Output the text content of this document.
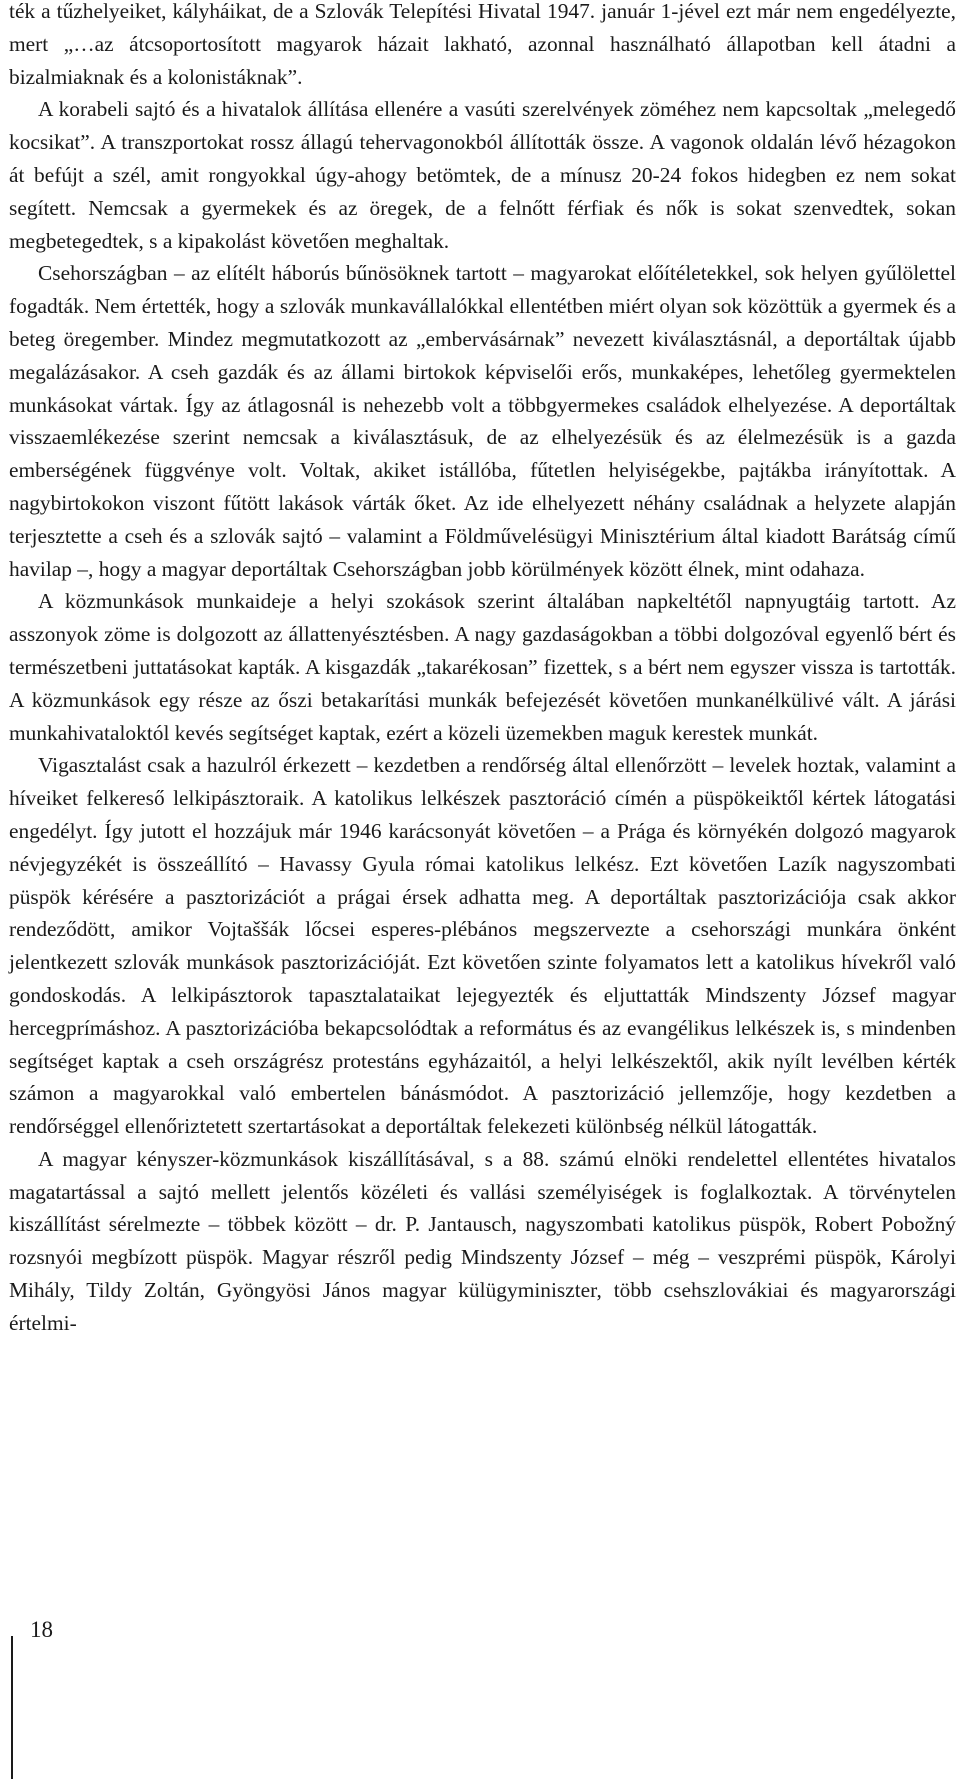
ték a tűzhelyeiket, kályháikat, de a Szlovák Telepítési Hivatal 1947. január 1-jével ezt már nem engedélyezte, mert „…az átcsoportosított magyarok házait lakható, azonnal használható állapotban kell átadni a bizalmiaknak és a kolonistáknak”.

A korabeli sajtó és a hivatalok állítása ellenére a vasúti szerelvények zöméhez nem kapcsoltak „melegedő kocsikat”. A transzportokat rossz állagú tehervagonokból állították össze. A vagonok oldalán lévő hézagokon át befújt a szél, amit rongyokkal úgy-ahogy betömtek, de a mínusz 20-24 fokos hidegben ez nem sokat segített. Nemcsak a gyermekek és az öregek, de a felnőtt férfiak és nők is sokat szenvedtek, sokan megbetegedtek, s a kipakolást követően meghaltak.

Csehországban – az elítélt háborús bűnösöknek tartott – magyarokat előítéletekkel, sok helyen gyűlölettel fogadták. Nem értették, hogy a szlovák munkavállalókkal ellentétben miért olyan sok közöttük a gyermek és a beteg öregember. Mindez megmutatkozott az „embervásárnak” nevezett kiválasztásnál, a deportáltak újabb megalázásakor. A cseh gazdák és az állami birtokok képviselői erős, munkaképes, lehetőleg gyermektelen munkásokat vártak. Így az átlagosnál is nehezebb volt a többgyermekes családok elhelyezése. A deportáltak visszaemlékezése szerint nemcsak a kiválasztásuk, de az elhelyezésük és az élelmezésük is a gazda emberségének függvénye volt. Voltak, akiket istállóba, fűtetlen helyiségekbe, pajtákba irányítottak. A nagybirtokokon viszont fűtött lakások várták őket. Az ide elhelyezett néhány családnak a helyzete alapján terjesztette a cseh és a szlovák sajtó – valamint a Földművelésügyi Minisztérium által kiadott Barátság című havilap –, hogy a magyar deportáltak Csehországban jobb körülmények között élnek, mint odahaza.

A közmunkások munkaideje a helyi szokások szerint általában napkeltétől napnyugtáig tartott. Az asszonyok zöme is dolgozott az állattenyésztésben. A nagy gazdaságokban a többi dolgozóval egyenlő bért és természetbeni juttatásokat kapták. A kisgazdák „takarékosan” fizettek, s a bért nem egyszer vissza is tartották. A közmunkások egy része az őszi betakarítási munkák befejezését követően munkanélkülivé vált. A járási munkahivataloktól kevés segítséget kaptak, ezért a közeli üzemekben maguk kerestek munkát.

Vigasztalást csak a hazulról érkezett – kezdetben a rendőrség által ellenőrzött – levelek hoztak, valamint a híveiket felkereső lelkipásztoraik. A katolikus lelkészek pasztoráció címén a püspökeiktől kértek látogatási engedélyt. Így jutott el hozzájuk már 1946 karácsonyát követően – a Prága és környékén dolgozó magyarok névjegyzékét is összeállító – Havassy Gyula római katolikus lelkész. Ezt követően Lazík nagyszombati püspök kérésére a pasztorizációt a prágai érsek adhatta meg. A deportáltak pasztorizációja csak akkor rendeződött, amikor Vojtaššák lőcsei esperes-plébános megszervezte a csehországi munkára önként jelentkezett szlovák munkások pasztorizációját. Ezt követően szinte folyamatos lett a katolikus hívekről való gondoskodás. A lelkipásztorok tapasztalataikat lejegyezték és eljuttatták Mindszenty József magyar hercegprímáshoz. A pasztorizációba bekapcsolódtak a református és az evangélikus lelkészek is, s mindenben segítséget kaptak a cseh országrész protestáns egyházaitól, a helyi lelkészektől, akik nyílt levélben kérték számon a magyarokkal való embertelen bánásmódot. A pasztorizáció jellemzője, hogy kezdetben a rendőrséggel ellenőriztetett szertartásokat a deportáltak felekezeti különbség nélkül látogatták.

A magyar kényszer-közmunkások kiszállításával, s a 88. számú elnöki rendelettel ellentétes hivatalos magatartással a sajtó mellett jelentős közéleti és vallási személyiségek is foglalkoztak. A törvénytelen kiszállítást sérelmezte – többek között – dr. P. Jantausch, nagyszombati katolikus püspök, Robert Pobožný rozsnyói megbízott püspök. Magyar részről pedig Mindszenty József – még – veszprémi püspök, Károlyi Mihály, Tildy Zoltán, Gyöngyösi János magyar külügyminiszter, több csehszlovákiai és magyarországi értelmi-

18
